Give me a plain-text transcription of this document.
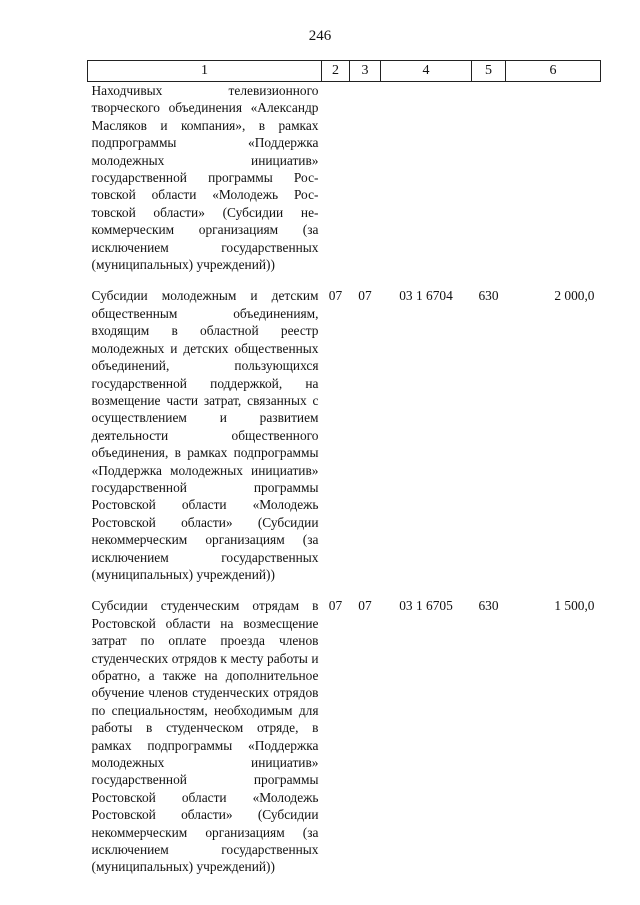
246
1	2	3	4	5	6
Находчивых телевизионного творческого объединения «Александр Масляков и компания», в рамках подпрограммы «Поддержка молодежных инициатив» государственной программы Ростовской области «Молодежь Ростовской области» (Субсидии некоммерческим организациям (за исключением государственных (муниципальных) учреждений))					
Субсидии молодежным и детским общественным объединениям, входящим в областной реестр молодежных и детских общественных объединений, пользующихся государственной поддержкой, на возмещение части затрат, связанных с осуществлением и развитием деятельности общественного объединения, в рамках подпрограммы «Поддержка молодежных инициатив» государственной программы Ростовской области «Молодежь Ростовской области» (Субсидии некоммерческим организациям (за исключением государственных (муниципальных) учреждений))	07	07	03 1 6704	630	2 000,0
Субсидии студенческим отрядам в Ростовской области на возмесщение затрат по оплате проезда членов студенческих отрядов к месту работы и обратно, а также на дополнительное обучение членов студенческих отрядов по специальностям, необходимым для работы в студенческом отряде, в рамках подпрограммы «Поддержка молодежных инициатив» государственной программы Ростовской области «Молодежь Ростовской области» (Субсидии некоммерческим организациям (за исключением государственных (муниципальных) учреждений))	07	07	03 1 6705	630	1 500,0
